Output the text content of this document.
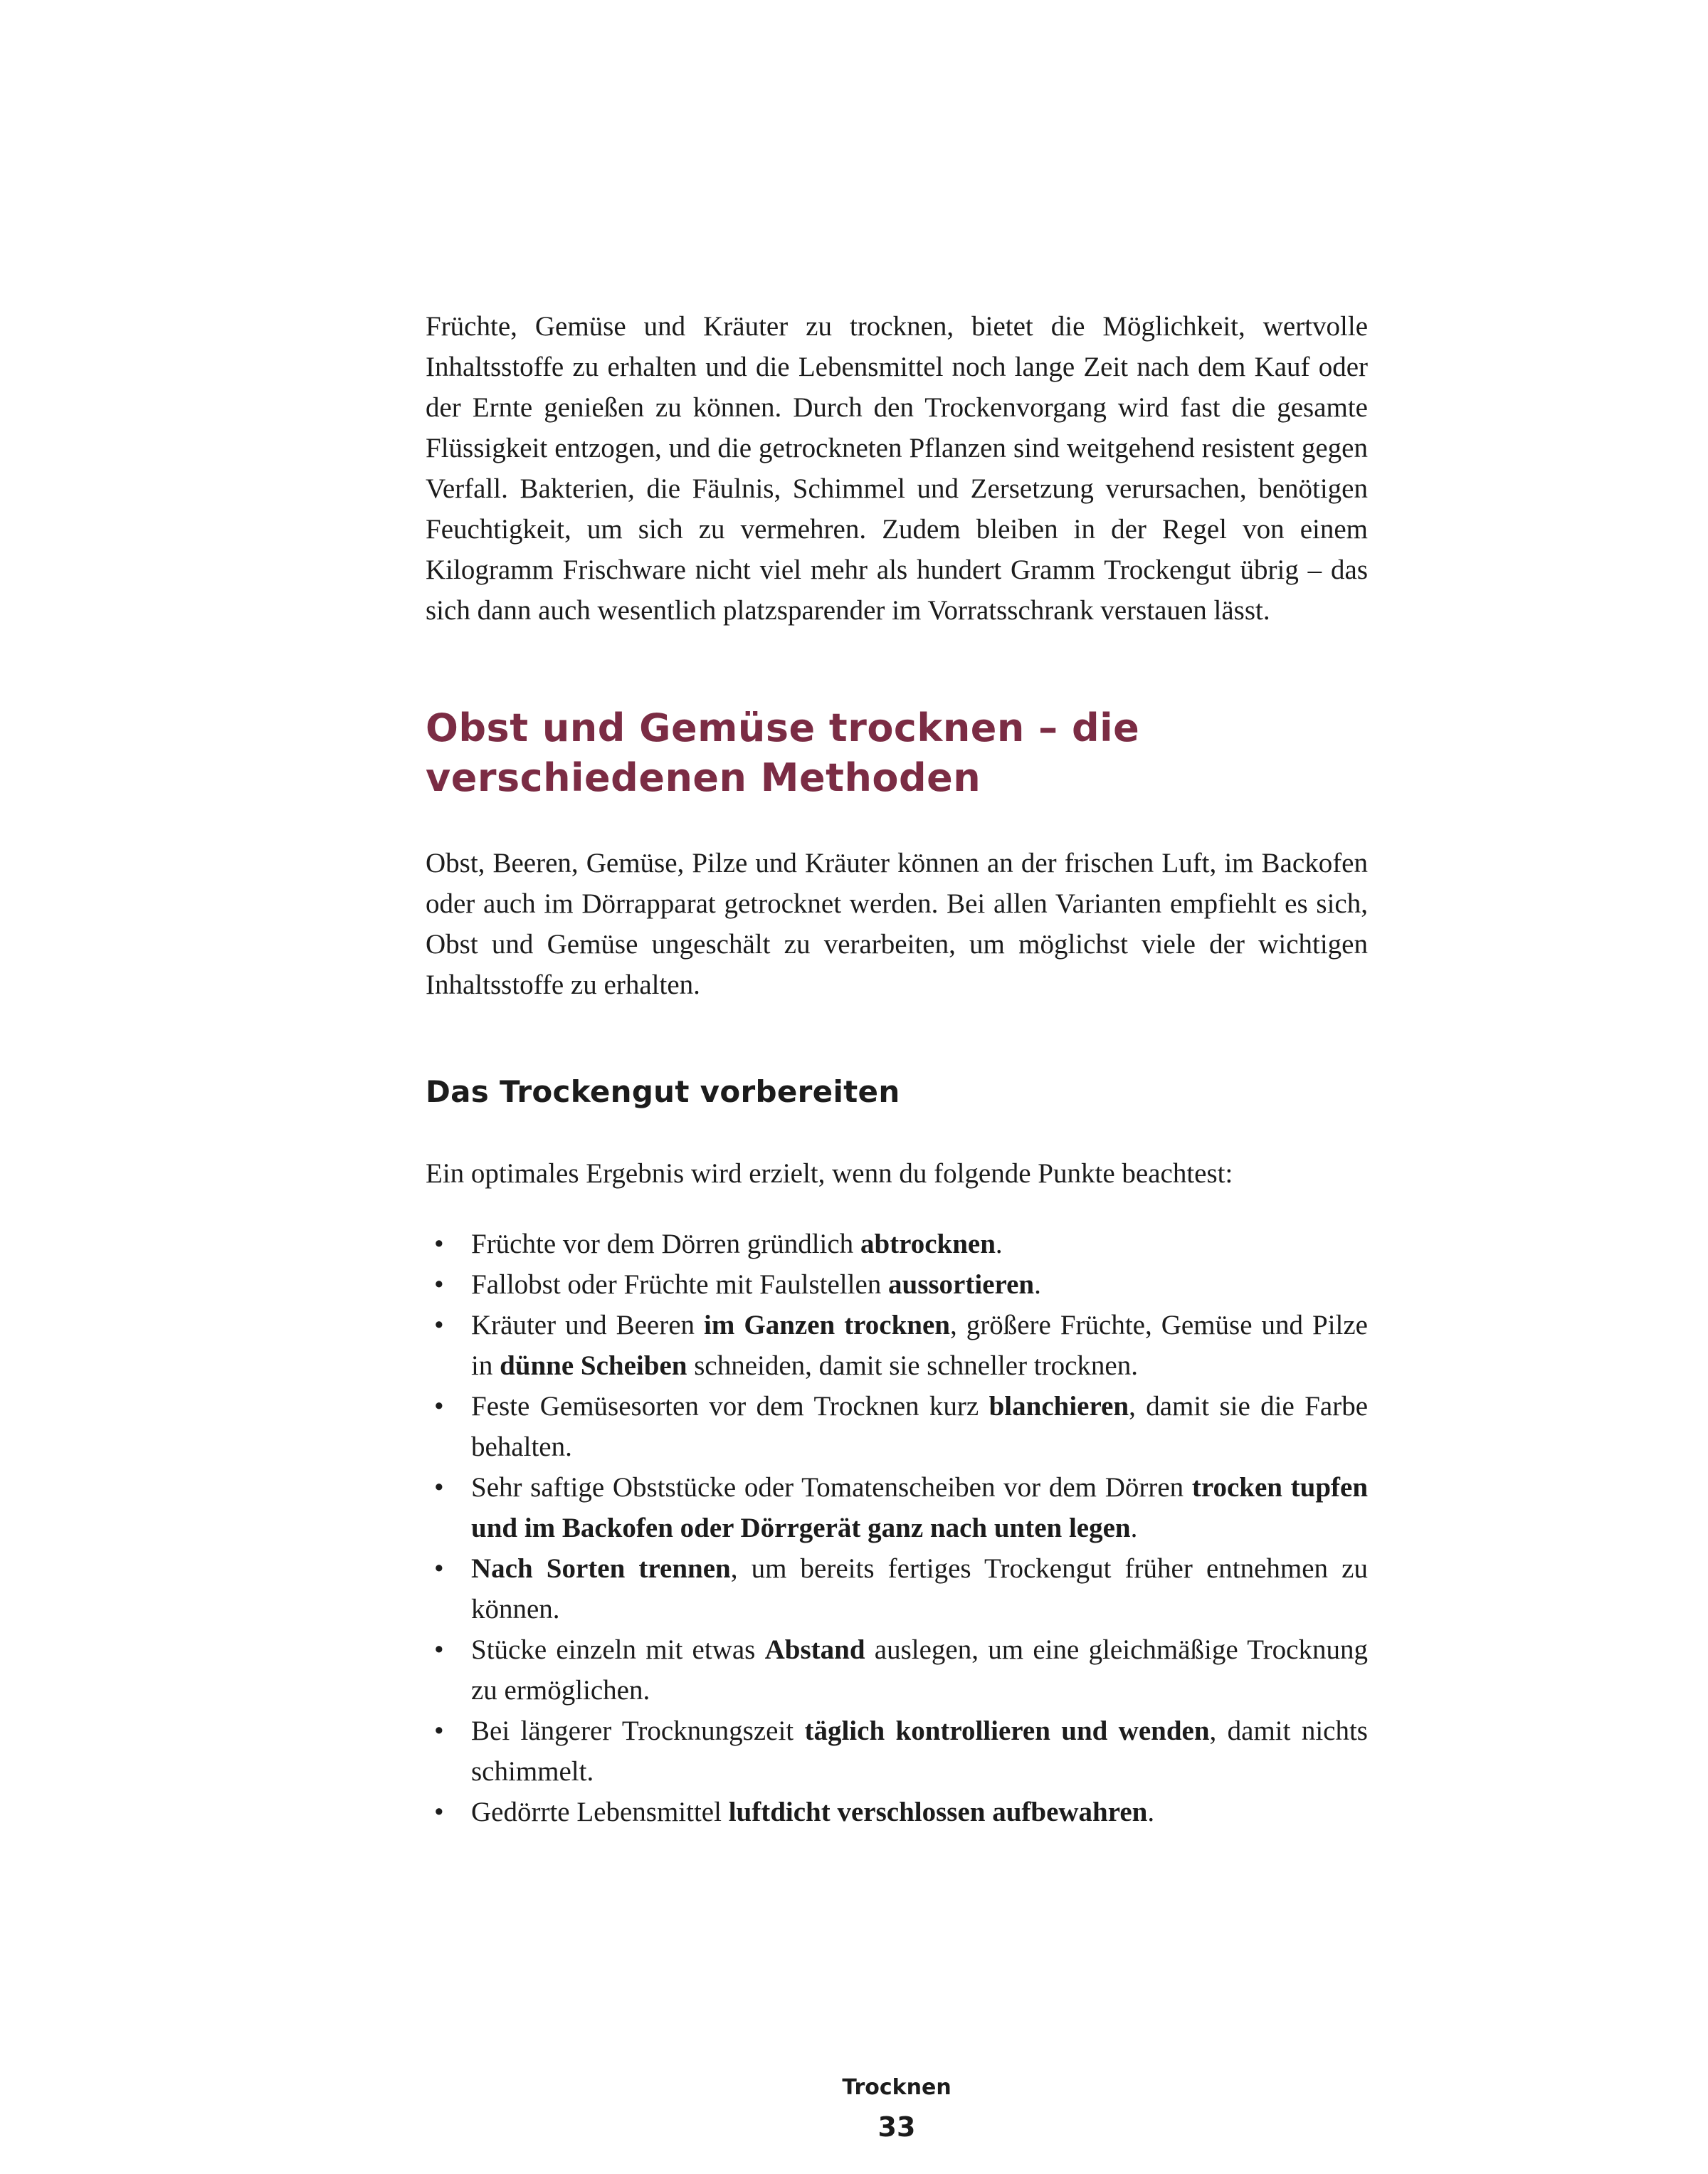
Früchte, Gemüse und Kräuter zu trocknen, bietet die Möglichkeit, wertvolle Inhaltsstoffe zu erhalten und die Lebensmittel noch lange Zeit nach dem Kauf oder der Ernte genießen zu können. Durch den Trockenvorgang wird fast die gesamte Flüssigkeit entzogen, und die getrockneten Pflanzen sind weitgehend resistent gegen Verfall. Bakterien, die Fäulnis, Schimmel und Zersetzung verursachen, benötigen Feuchtigkeit, um sich zu vermehren. Zudem bleiben in der Regel von einem Kilogramm Frischware nicht viel mehr als hundert Gramm Trockengut übrig – das sich dann auch wesentlich platzsparender im Vorratsschrank verstauen lässt.

Obst und Gemüse trocknen – die verschiedenen Methoden

Obst, Beeren, Gemüse, Pilze und Kräuter können an der frischen Luft, im Backofen oder auch im Dörrapparat getrocknet werden. Bei allen Varianten empfiehlt es sich, Obst und Gemüse ungeschält zu verarbeiten, um möglichst viele der wichtigen Inhaltsstoffe zu erhalten.

Das Trockengut vorbereiten

Ein optimales Ergebnis wird erzielt, wenn du folgende Punkte beachtest:

• Früchte vor dem Dörren gründlich abtrocknen.
• Fallobst oder Früchte mit Faulstellen aussortieren.
• Kräuter und Beeren im Ganzen trocknen, größere Früchte, Gemüse und Pilze in dünne Scheiben schneiden, damit sie schneller trocknen.
• Feste Gemüsesorten vor dem Trocknen kurz blanchieren, damit sie die Farbe behalten.
• Sehr saftige Obststücke oder Tomatenscheiben vor dem Dörren trocken tupfen und im Backofen oder Dörrgerät ganz nach unten legen.
• Nach Sorten trennen, um bereits fertiges Trockengut früher entnehmen zu können.
• Stücke einzeln mit etwas Abstand auslegen, um eine gleichmäßige Trocknung zu ermöglichen.
• Bei längerer Trocknungszeit täglich kontrollieren und wenden, damit nichts schimmelt.
• Gedörrte Lebensmittel luftdicht verschlossen aufbewahren.
Trocknen
33
